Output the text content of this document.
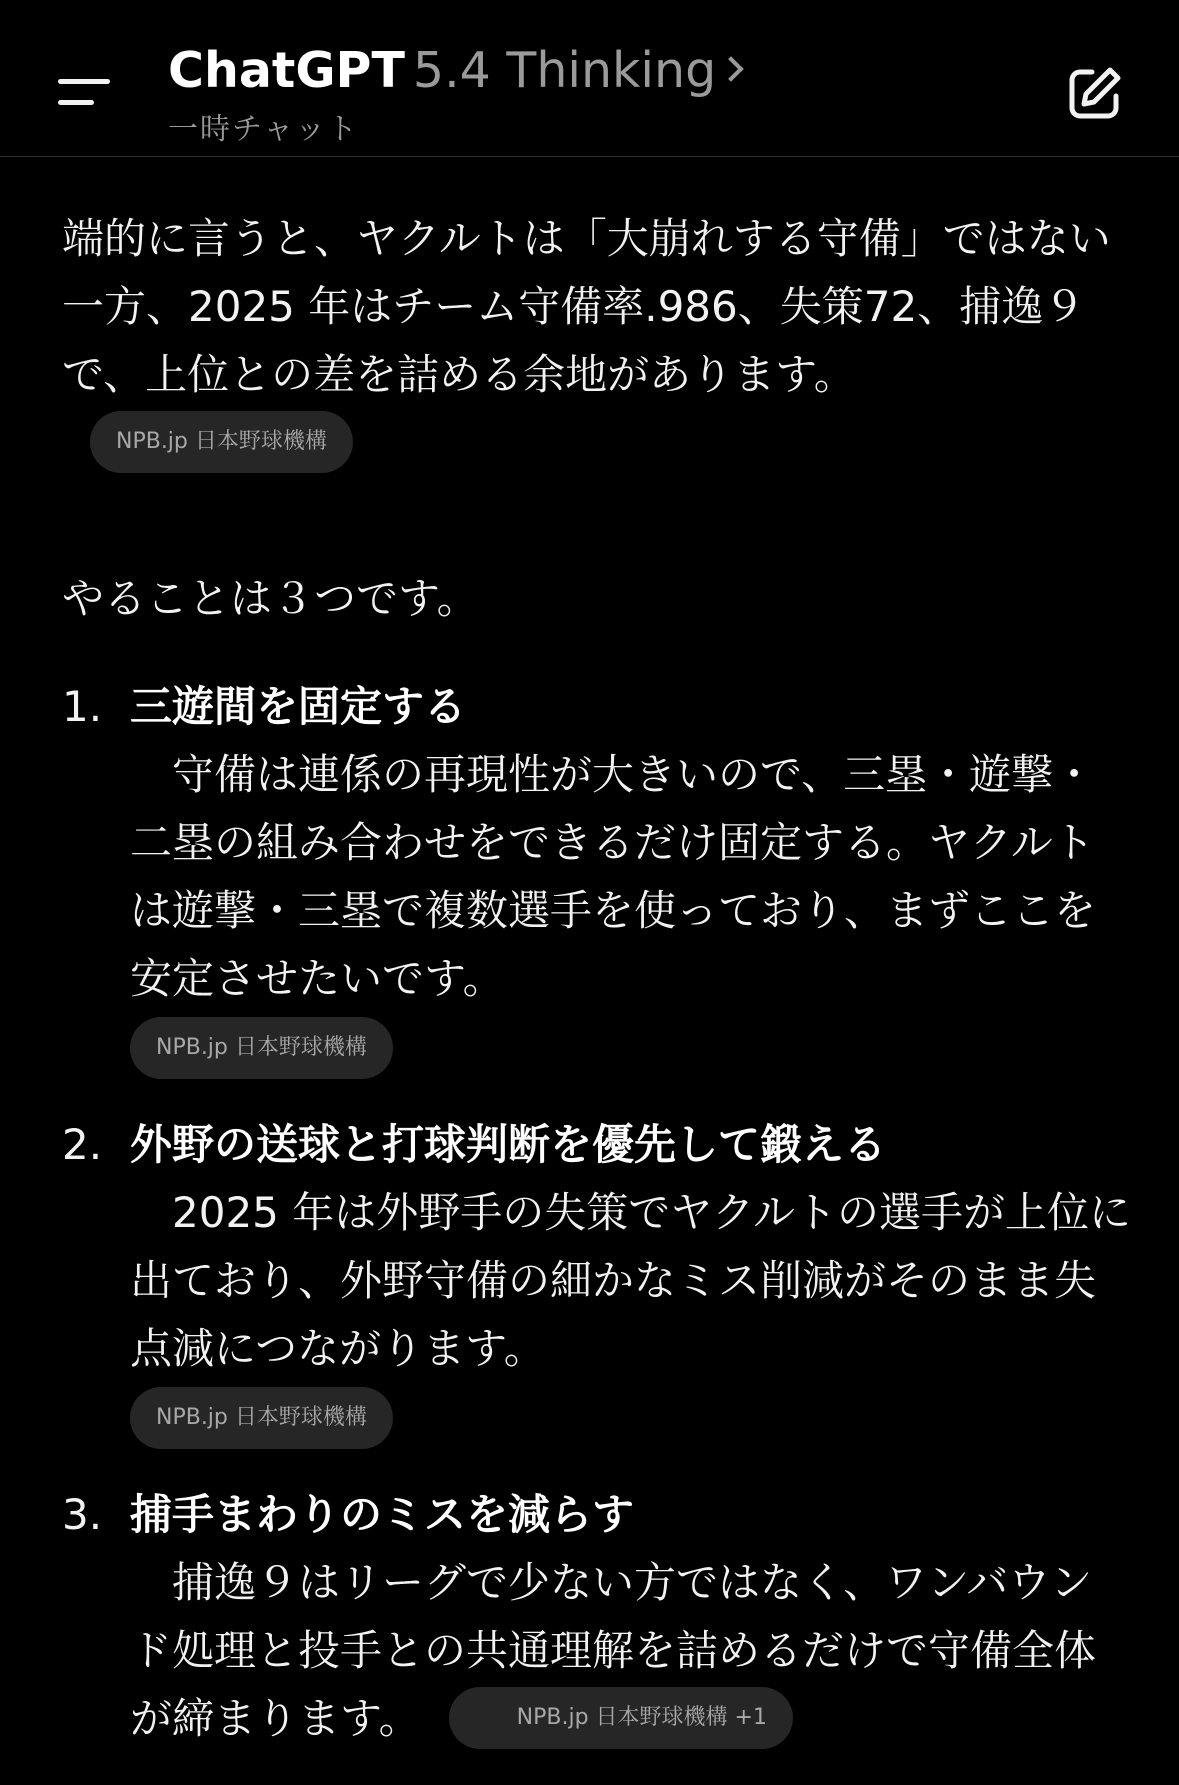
ChatGPT 5.4 Thinking
一時チャット

端的に言うと、ヤクルトは「大崩れする守備」ではない一方、2025 年はチーム守備率.986、失策72、捕逸９で、上位との差を詰める余地があります。NPB.jp 日本野球機構

やることは３つです。

1. 三遊間を固定する
守備は連係の再現性が大きいので、三塁・遊撃・二塁の組み合わせをできるだけ固定する。ヤクルトは遊撃・三塁で複数選手を使っており、まずここを安定させたいです。
NPB.jp 日本野球機構
2. 外野の送球と打球判断を優先して鍛える
2025 年は外野手の失策でヤクルトの選手が上位に出ており、外野守備の細かなミス削減がそのまま失点減につながります。
NPB.jp 日本野球機構
3. 捕手まわりのミスを減らす
捕逸９はリーグで少ない方ではなく、ワンバウンド処理と投手との共通理解を詰めるだけで守備全体が締まります。	NPB.jp 日本野球機構 +1
